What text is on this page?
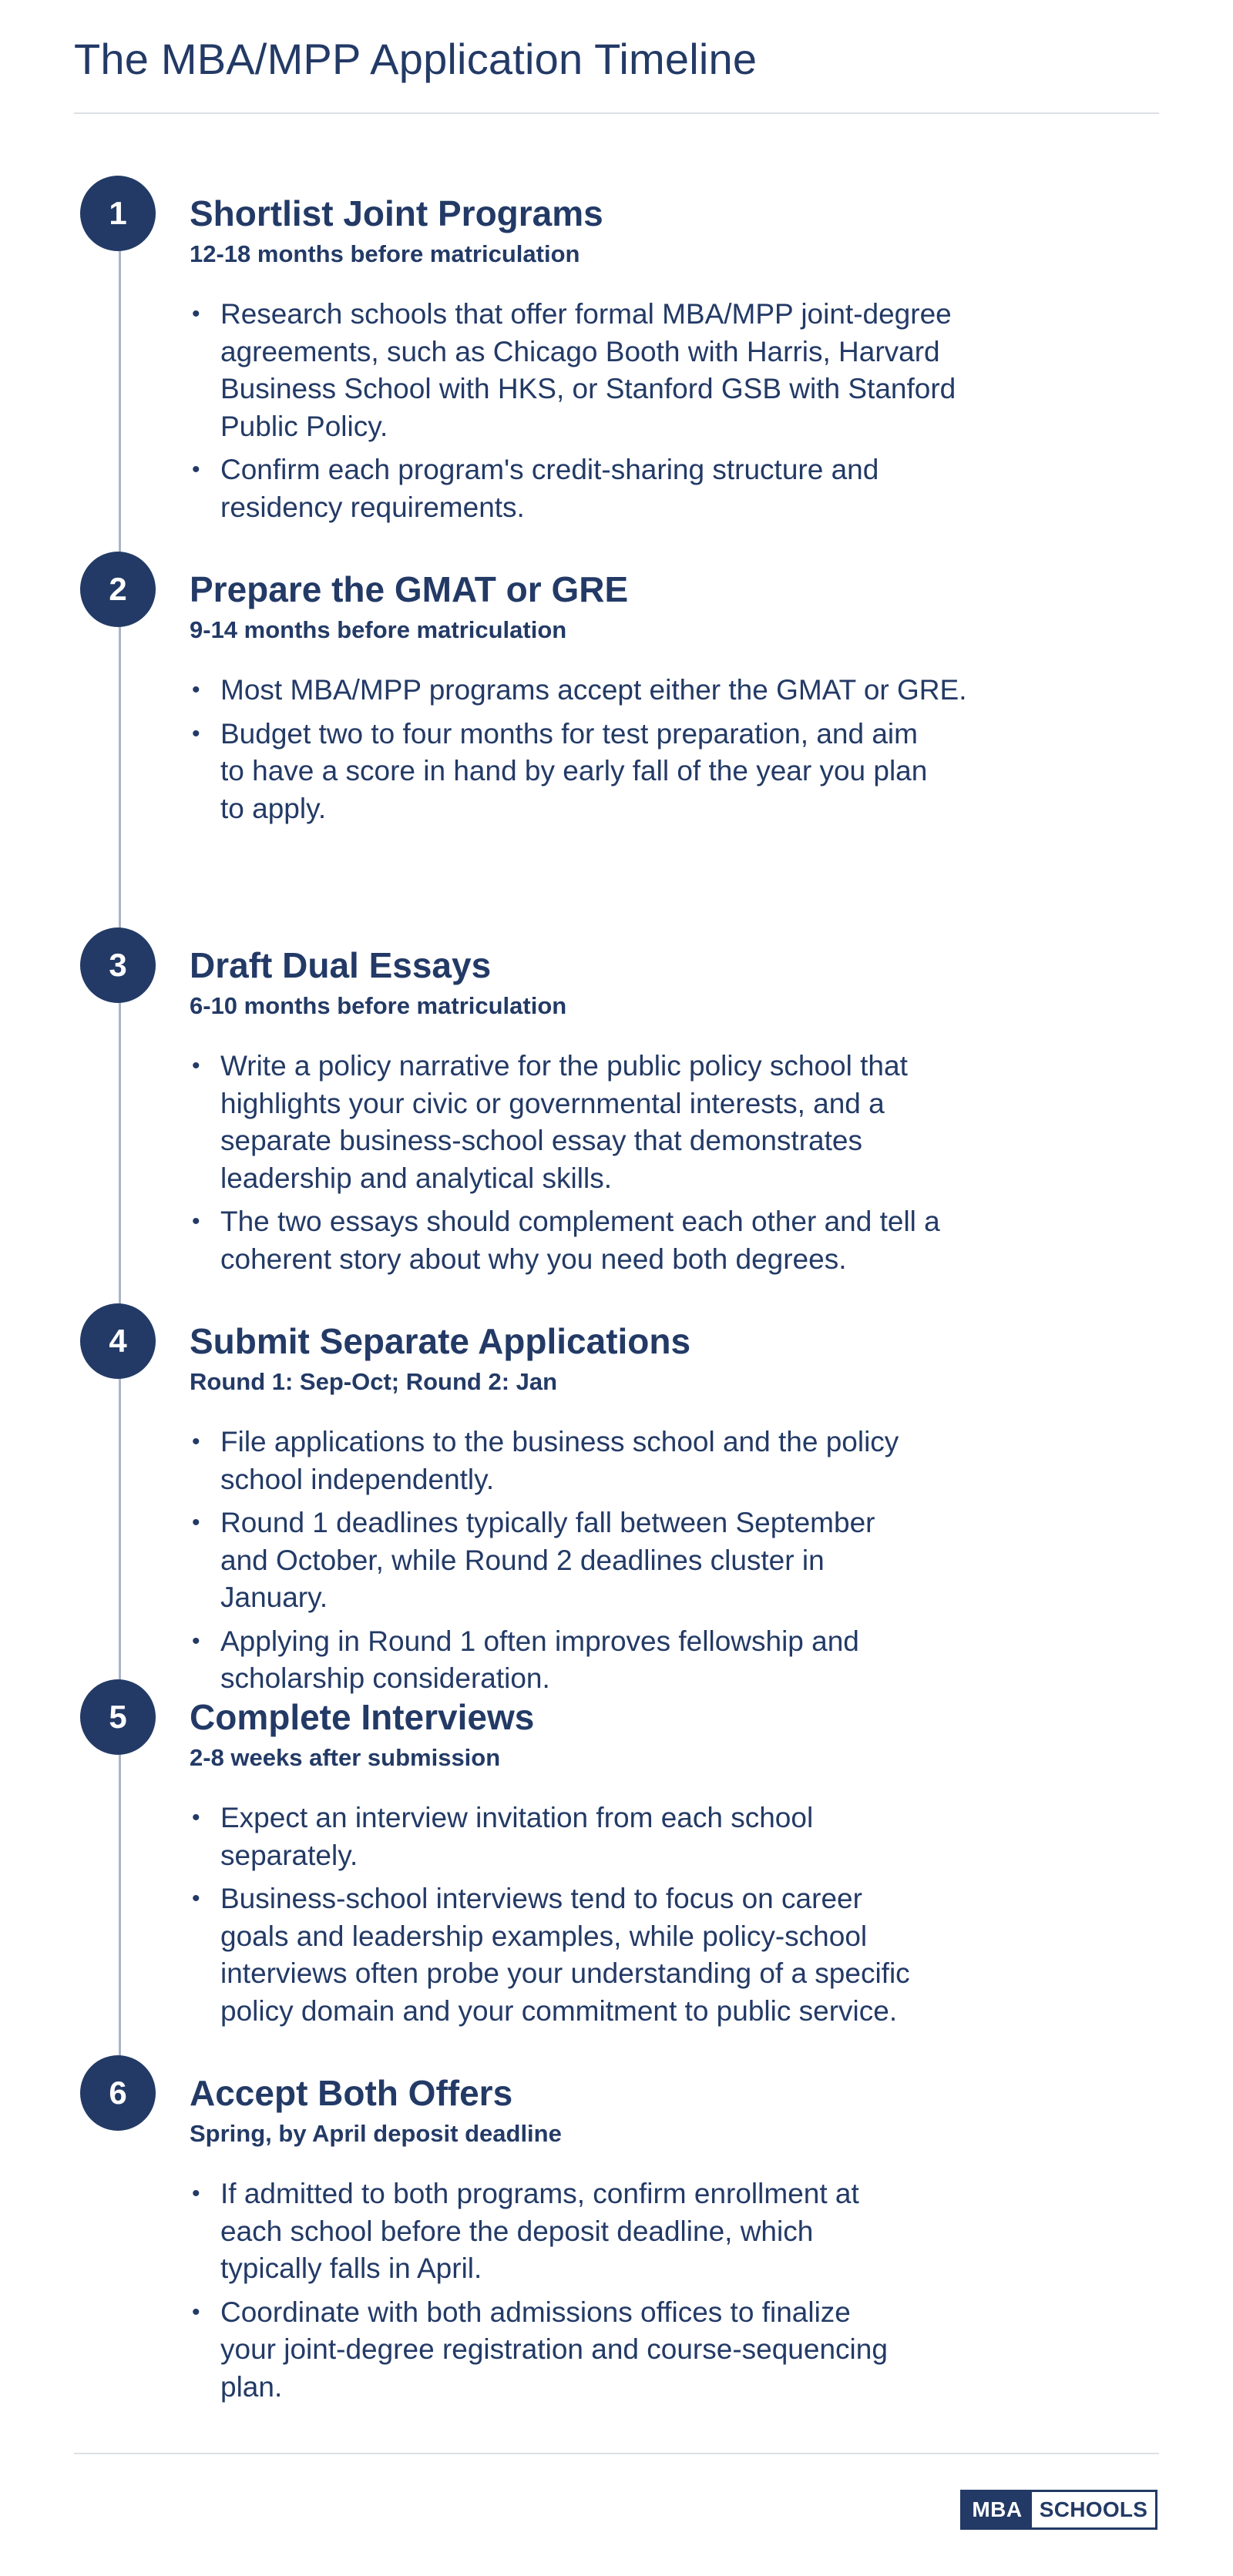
The MBA/MPP Application Timeline
1	Shortlist Joint Programs
12-18 months before matriculation
• Research schools that offer formal MBA/MPP joint-degree agreements, such as Chicago Booth with Harris, Harvard Business School with HKS, or Stanford GSB with Stanford Public Policy.
• Confirm each program's credit-sharing structure and residency requirements.
2	Prepare the GMAT or GRE
9-14 months before matriculation
• Most MBA/MPP programs accept either the GMAT or GRE.
• Budget two to four months for test preparation, and aim to have a score in hand by early fall of the year you plan to apply.
3	Draft Dual Essays
6-10 months before matriculation
• Write a policy narrative for the public policy school that highlights your civic or governmental interests, and a separate business-school essay that demonstrates leadership and analytical skills.
• The two essays should complement each other and tell a coherent story about why you need both degrees.
4	Submit Separate Applications
Round 1: Sep-Oct; Round 2: Jan
• File applications to the business school and the policy school independently.
• Round 1 deadlines typically fall between September and October, while Round 2 deadlines cluster in January.
• Applying in Round 1 often improves fellowship and scholarship consideration.
5	Complete Interviews
2-8 weeks after submission
• Expect an interview invitation from each school separately.
• Business-school interviews tend to focus on career goals and leadership examples, while policy-school interviews often probe your understanding of a specific policy domain and your commitment to public service.
6	Accept Both Offers
Spring, by April deposit deadline
• If admitted to both programs, confirm enrollment at each school before the deposit deadline, which typically falls in April.
• Coordinate with both admissions offices to finalize your joint-degree registration and course-sequencing plan.
MBA SCHOOLS
